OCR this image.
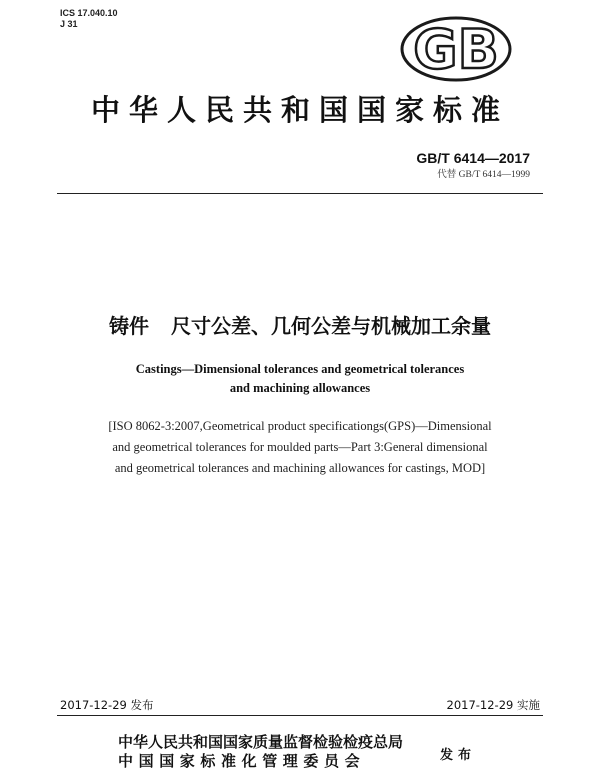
ICS 17.040.10
J 31	GB
中华人民共和国国家标准
GB/T 6414—2017
代替 GB/T 6414—1999
铸件 尺寸公差、几何公差与机械加工余量
Castings—Dimensional tolerances and geometrical tolerances
and machining allowances
[ISO 8062-3:2007,Geometrical product specificationgs(GPS)—Dimensional
and geometrical tolerances for moulded parts—Part 3:General dimensional
and geometrical tolerances and machining allowances for castings, MOD]
2017-12-29 发布	2017-12-29 实施
中华人民共和国国家质量监督检验检疫总局
中国国家标准化管理委员会	发布
